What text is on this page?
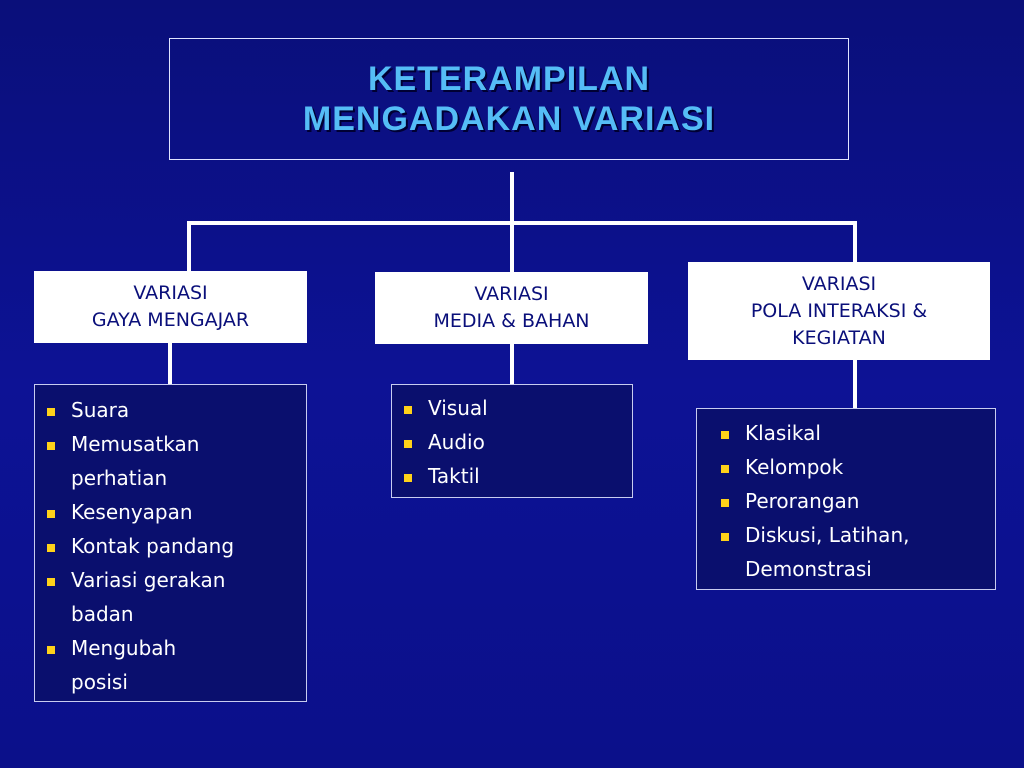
KETERAMPILAN
MENGADAKAN VARIASI
VARIASI
GAYA MENGAJAR
VARIASI
MEDIA & BAHAN
VARIASI
POLA INTERAKSI &
KEGIATAN
Suara
Memusatkan
perhatian
Kesenyapan
Kontak pandang
Variasi gerakan
badan
Mengubah
posisi
Visual
Audio
Taktil
Klasikal
Kelompok
Perorangan
Diskusi, Latihan,
Demonstrasi
